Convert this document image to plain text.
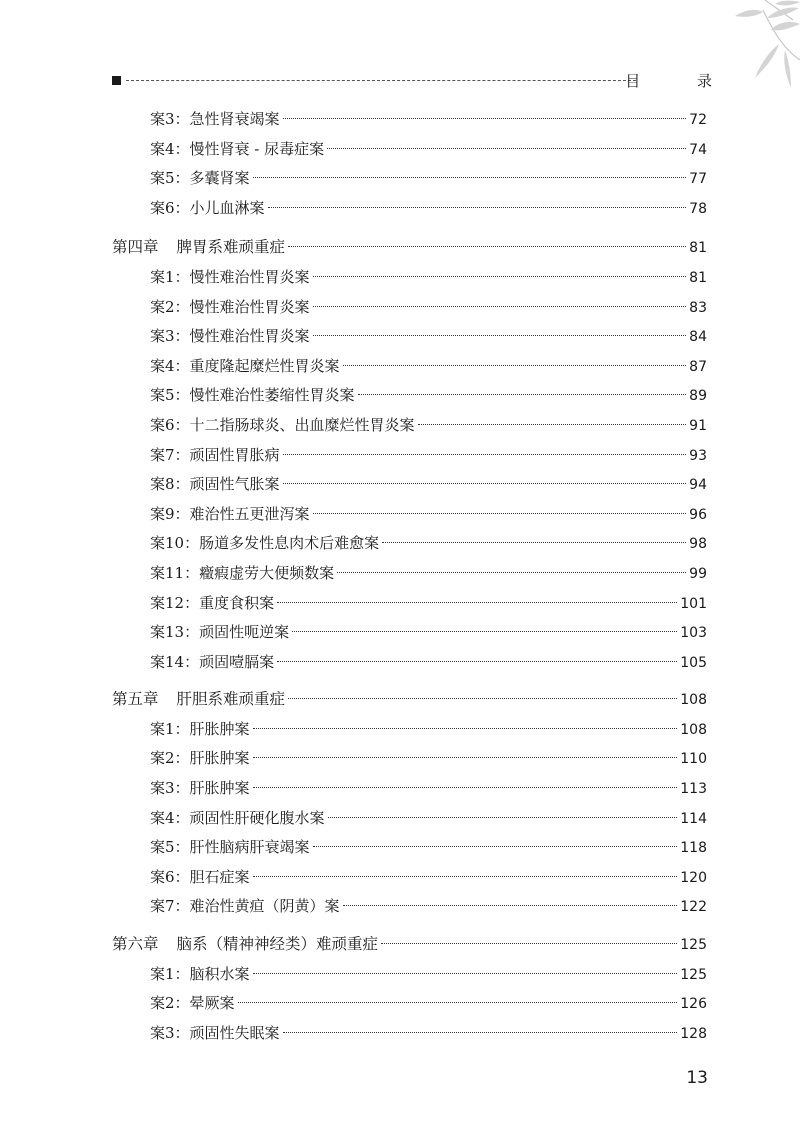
目 录
案3：急性肾衰竭案	72
案4：慢性肾衰 - 尿毒症案	74
案5：多囊肾案	77
案6：小儿血淋案	78
第四章 脾胃系难顽重症	81
案1：慢性难治性胃炎案	81
案2：慢性难治性胃炎案	83
案3：慢性难治性胃炎案	84
案4：重度隆起糜烂性胃炎案	87
案5：慢性难治性萎缩性胃炎案	89
案6：十二指肠球炎、出血糜烂性胃炎案	91
案7：顽固性胃胀病	93
案8：顽固性气胀案	94
案9：难治性五更泄泻案	96
案10：肠道多发性息肉术后难愈案	98
案11：癥瘕虚劳大便频数案	99
案12：重度食积案	101
案13：顽固性呃逆案	103
案14：顽固噎膈案	105
第五章 肝胆系难顽重症	108
案1：肝胀肿案	108
案2：肝胀肿案	110
案3：肝胀肿案	113
案4：顽固性肝硬化腹水案	114
案5：肝性脑病肝衰竭案	118
案6：胆石症案	120
案7：难治性黄疸（阴黄）案	122
第六章 脑系（精神神经类）难顽重症	125
案1：脑积水案	125
案2：晕厥案	126
案3：顽固性失眠案	128
13
